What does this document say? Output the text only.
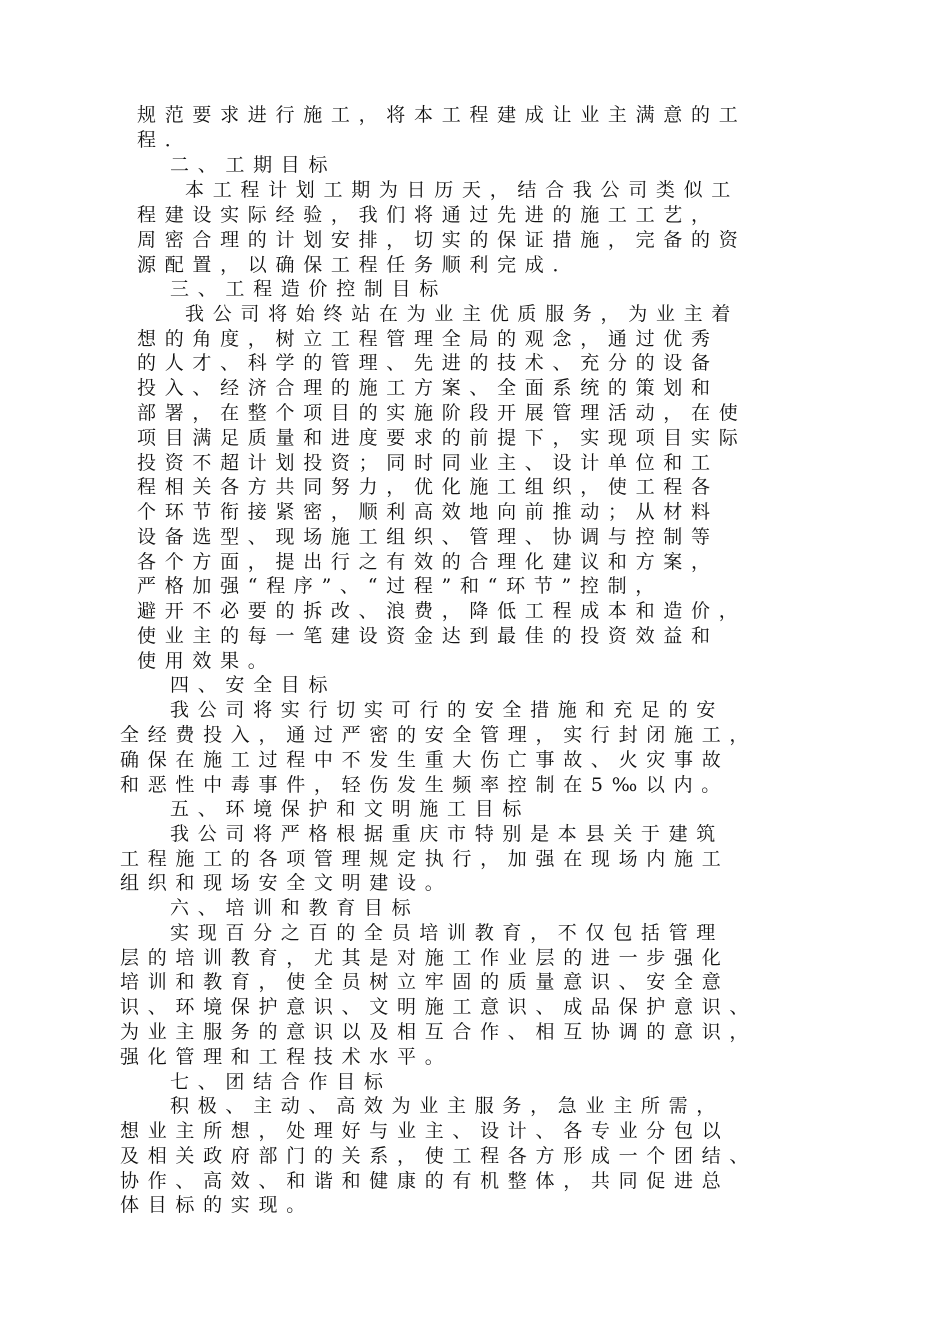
规范要求进行施工，将本工程建成让业主满意的工
程．
二、工期目标
本工程计划工期为日历天，结合我公司类似工
程建设实际经验，我们将通过先进的施工工艺，
周密合理的计划安排，切实的保证措施，完备的资
源配置，以确保工程任务顺利完成．
三、工程造价控制目标
我公司将始终站在为业主优质服务，为业主着
想的角度，树立工程管理全局的观念，通过优秀
的人才、科学的管理、先进的技术、充分的设备
投入、经济合理的施工方案、全面系统的策划和
部署，在整个项目的实施阶段开展管理活动，在使
项目满足质量和进度要求的前提下，实现项目实际
投资不超计划投资；同时同业主、设计单位和工
程相关各方共同努力，优化施工组织，使工程各
个环节衔接紧密，顺利高效地向前推动；从材料
设备选型、现场施工组织、管理、协调与控制等
各个方面，提出行之有效的合理化建议和方案，
严格加强“程序”、“过程”和“环节”控制，
避开不必要的拆改、浪费，降低工程成本和造价，
使业主的每一笔建设资金达到最佳的投资效益和
使用效果。
四、安全目标
我公司将实行切实可行的安全措施和充足的安
全经费投入，通过严密的安全管理，实行封闭施工，
确保在施工过程中不发生重大伤亡事故、火灾事故
和恶性中毒事件，轻伤发生频率控制在5‰以内。
五、环境保护和文明施工目标
我公司将严格根据重庆市特别是本县关于建筑
工程施工的各项管理规定执行，加强在现场内施工
组织和现场安全文明建设。
六、培训和教育目标
实现百分之百的全员培训教育，不仅包括管理
层的培训教育，尤其是对施工作业层的进一步强化
培训和教育，使全员树立牢固的质量意识、安全意
识、环境保护意识、文明施工意识、成品保护意识、
为业主服务的意识以及相互合作、相互协调的意识，
强化管理和工程技术水平。
七、团结合作目标
积极、主动、高效为业主服务，急业主所需，
想业主所想，处理好与业主、设计、各专业分包以
及相关政府部门的关系，使工程各方形成一个团结、
协作、高效、和谐和健康的有机整体，共同促进总
体目标的实现。
